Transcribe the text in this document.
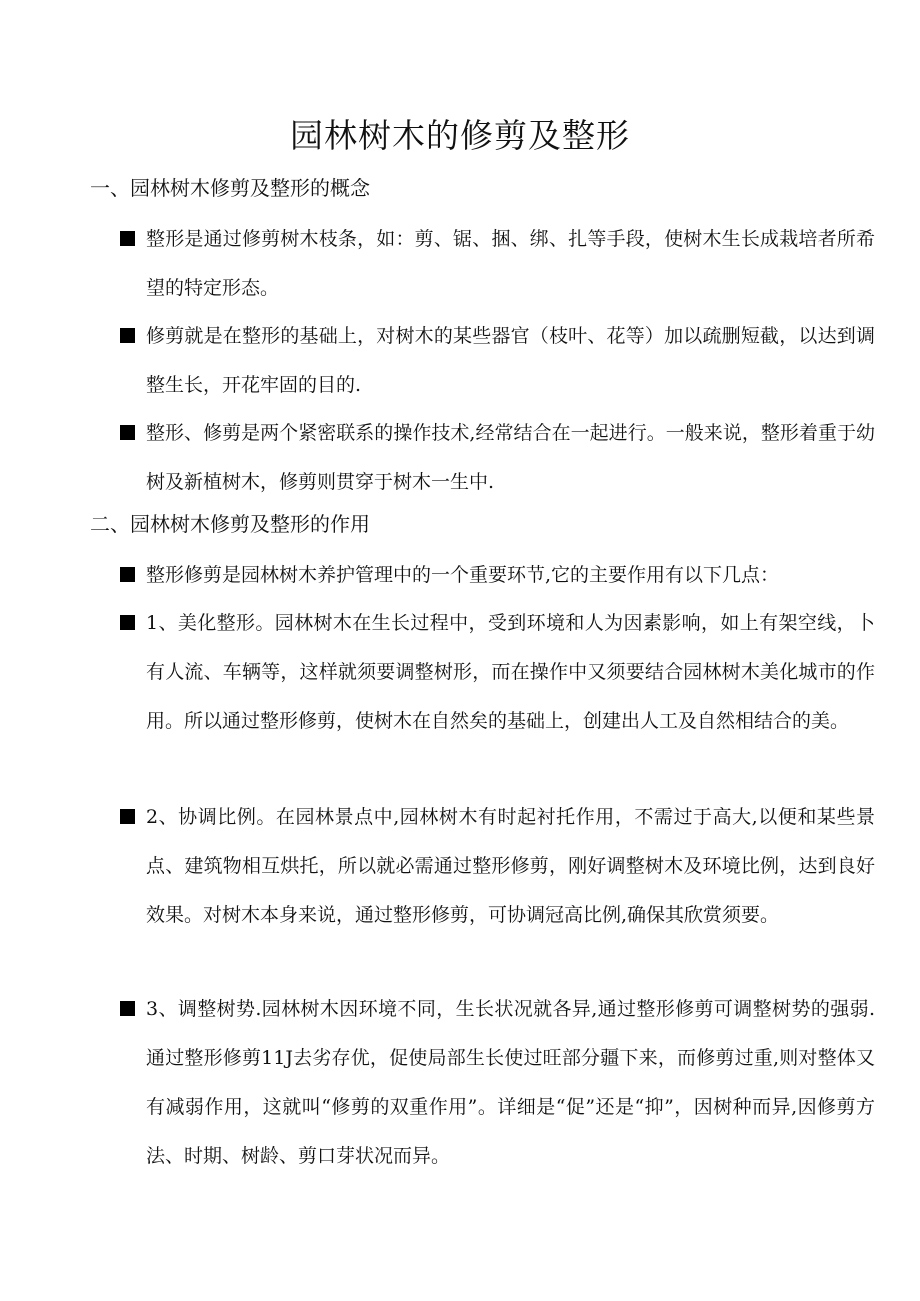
园林树木的修剪及整形
一、园林树木修剪及整形的概念
整形是通过修剪树木枝条，如：剪、锯、捆、绑、扎等手段，使树木生长成栽培者所希望的特定形态。
修剪就是在整形的基础上，对树木的某些器官（枝叶、花等）加以疏删短截，以达到调整生长，开花牢固的目的.
整形、修剪是两个紧密联系的操作技术,经常结合在一起进行。一般来说，整形着重于幼树及新植树木，修剪则贯穿于树木一生中.
二、园林树木修剪及整形的作用
整形修剪是园林树木养护管理中的一个重要环节,它的主要作用有以下几点：
1、美化整形。园林树木在生长过程中，受到环境和人为因素影响，如上有架空线，卜有人流、车辆等，这样就须要调整树形，而在操作中又须要结合园林树木美化城市的作用。所以通过整形修剪，使树木在自然矣的基础上，创建出人工及自然相结合的美。
2、协调比例。在园林景点中,园林树木有时起衬托作用，不需过于高大,以便和某些景点、建筑物相互烘托，所以就必需通过整形修剪，刚好调整树木及环境比例，达到良好效果。对树木本身来说，通过整形修剪，可协调冠高比例,确保其欣赏须要。
3、调整树势.园林树木因环境不同，生长状况就各异,通过整形修剪可调整树势的强弱.通过整形修剪11J去劣存优，促使局部生长使过旺部分疆下来，而修剪过重,则对整体又有减弱作用，这就叫“修剪的双重作用”。详细是“促”还是“抑”，因树种而异,因修剪方法、时期、树龄、剪口芽状况而异。
